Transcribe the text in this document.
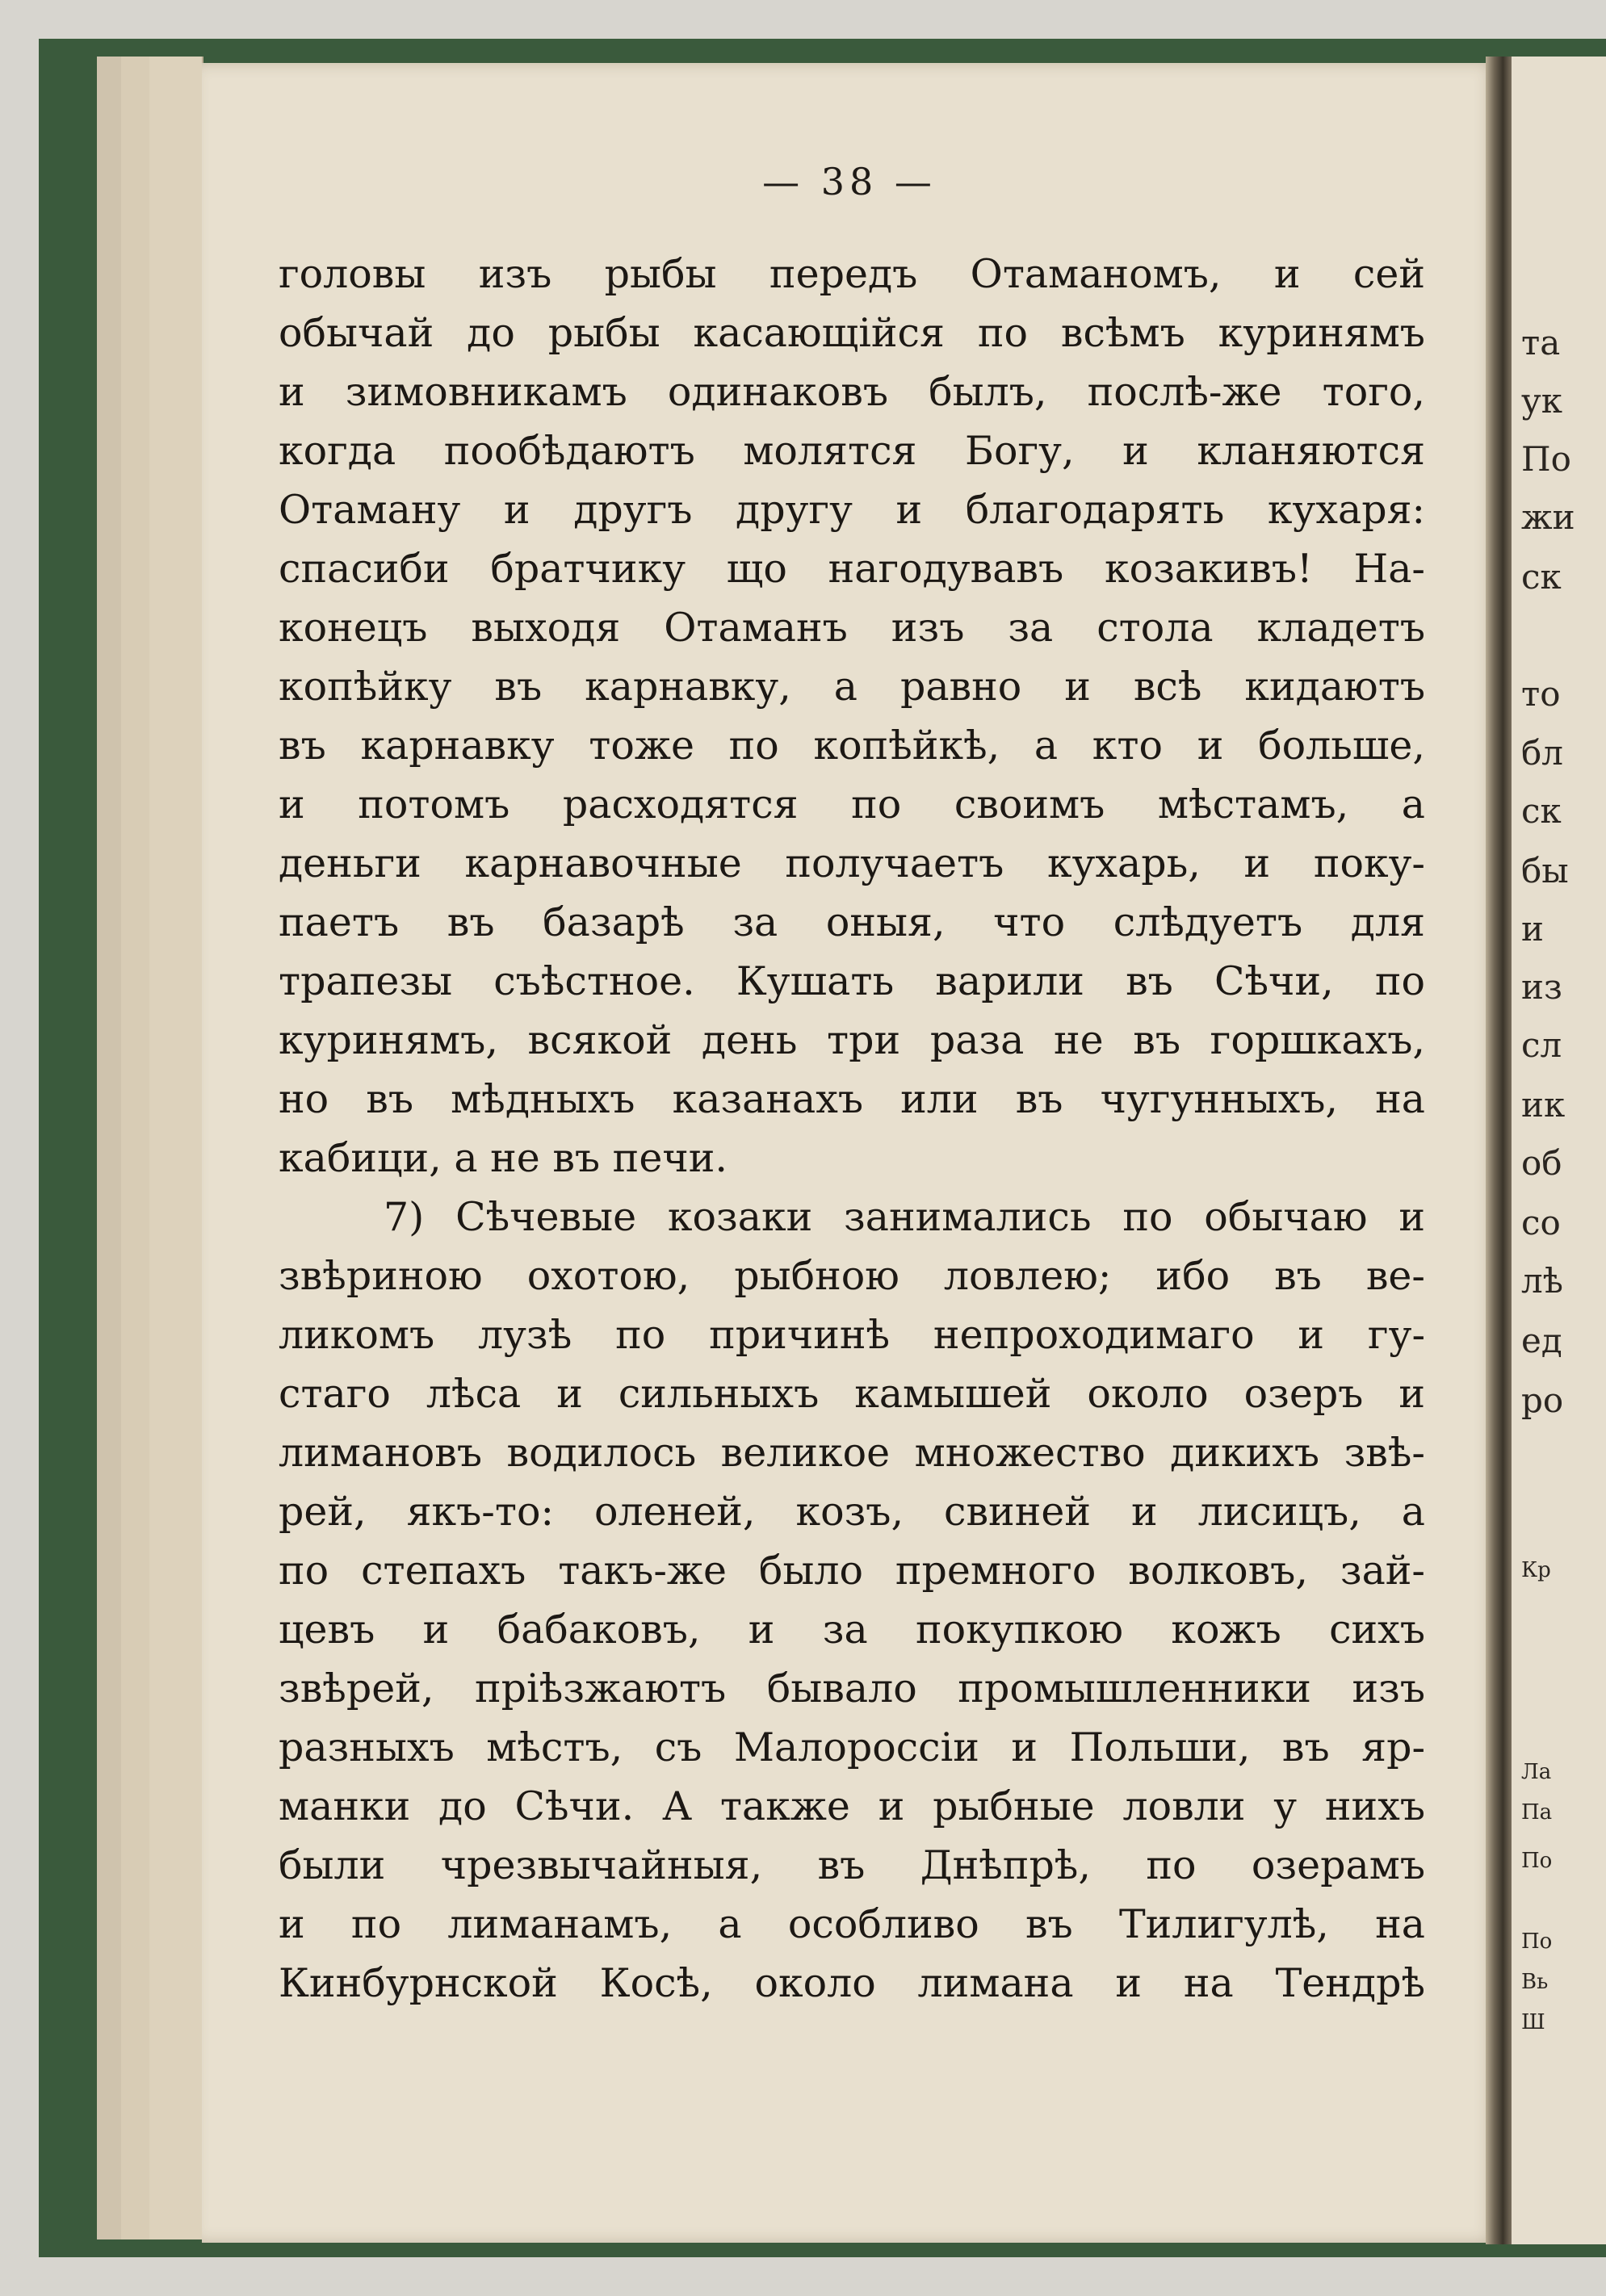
— 38 —
головы изъ рыбы передъ Отаманомъ, и сей
обычай до рыбы касающійся по всѣмъ куринямъ
и зимовникамъ одинаковъ былъ, послѣ-же того,
когда пообѣдаютъ молятся Богу, и кланяются
Отаману и другъ другу и благодарять кухаря:
спасиби братчику що нагодувавъ козакивъ! На-
конецъ выходя Отаманъ изъ за стола кладетъ
копѣйку въ карнавку, а равно и всѣ кидаютъ
въ карнавку тоже по копѣйкѣ, а кто и больше,
и потомъ расходятся по своимъ мѣстамъ, а
деньги карнавочные получаетъ кухарь, и поку-
паетъ въ базарѣ за оныя, что слѣдуетъ для
трапезы съѣстное. Кушать варили въ Сѣчи, по
куринямъ, всякой день три раза не въ горшкахъ,
но въ мѣдныхъ казанахъ или въ чугунныхъ, на
кабици, а не въ печи.
7) Сѣчевые козаки занимались по обычаю и
звѣриною охотою, рыбною ловлею; ибо въ ве-
ликомъ лузѣ по причинѣ непроходимаго и гу-
стаго лѣса и сильныхъ камышей около озеръ и
лимановъ водилось великое множество дикихъ звѣ-
рей, якъ-то: оленей, козъ, свиней и лисицъ, а
по степахъ такъ-же было премного волковъ, зай-
цевъ и бабаковъ, и за покупкою кожъ сихъ
звѣрей, пріѣзжаютъ бывало промышленники изъ
разныхъ мѣстъ, съ Малороссіи и Польши, въ яр-
манки до Сѣчи. А также и рыбные ловли у нихъ
были чрезвычайныя, въ Днѣпрѣ, по озерамъ
и по лиманамъ, а особливо въ Тилигулѣ, на
Кинбурнской Косѣ, около лимана и на Тендрѣ
та
ук
По
жи
ск
то
бл
ск
бы
и
из
сл
ик
об
со
лѣ
ед
ро
Кр
Ла
Па
По
По
Вь
Ш
